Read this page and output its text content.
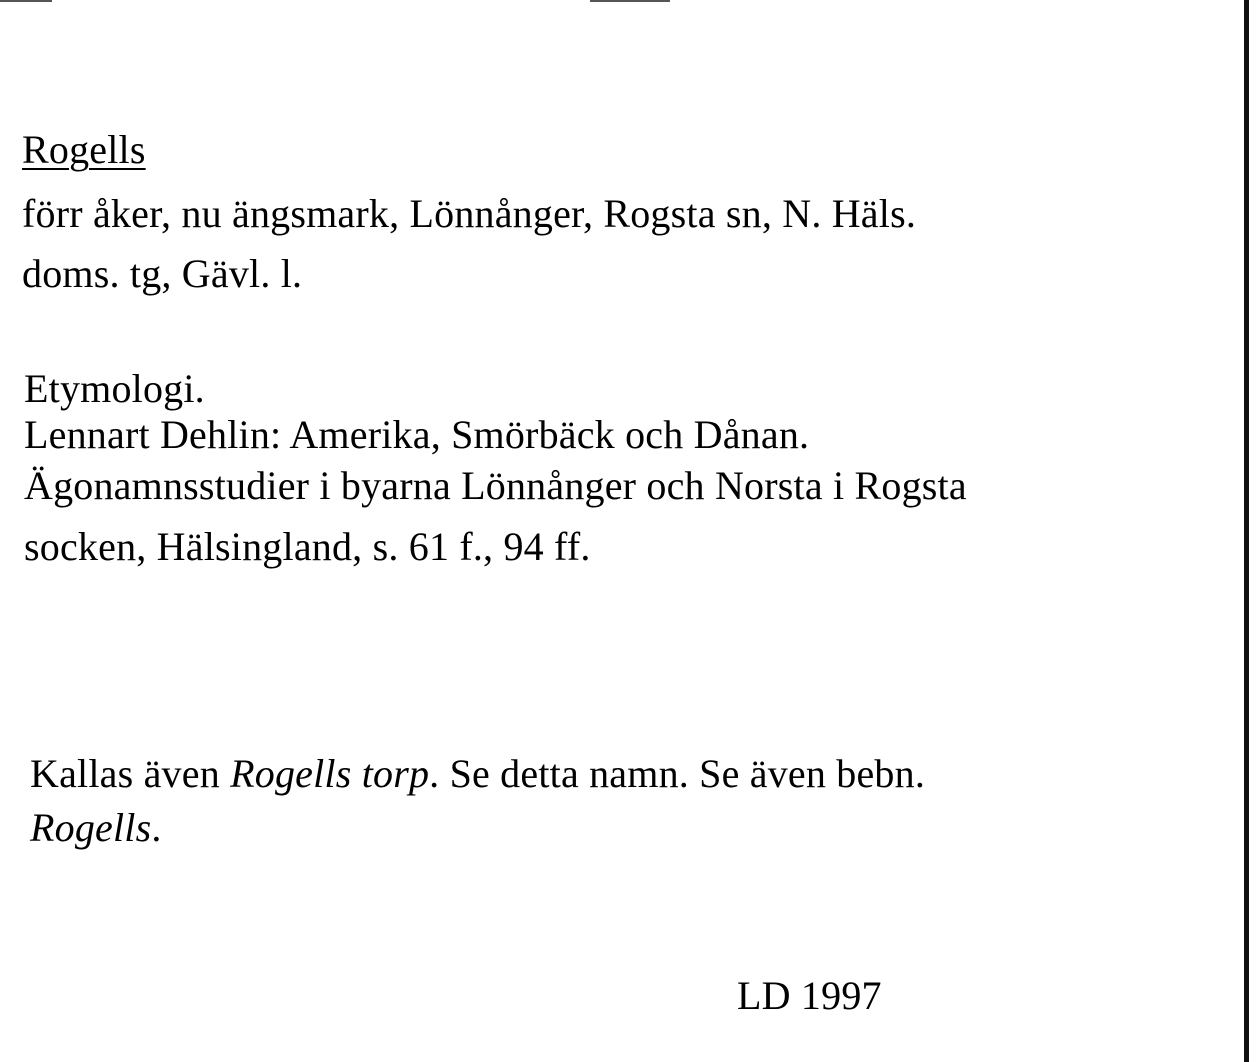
Rogells
förr åker, nu ängsmark, Lönnånger, Rogsta sn, N. Häls.
doms. tg, Gävl. l.
Etymologi.
Lennart Dehlin: Amerika, Smörbäck och Dånan.
Ägonamnsstudier i byarna Lönnånger och Norsta i Rogsta
socken, Hälsingland, s. 61 f., 94 ff.
Kallas även Rogells torp. Se detta namn. Se även bebn.
Rogells.
LD 1997
